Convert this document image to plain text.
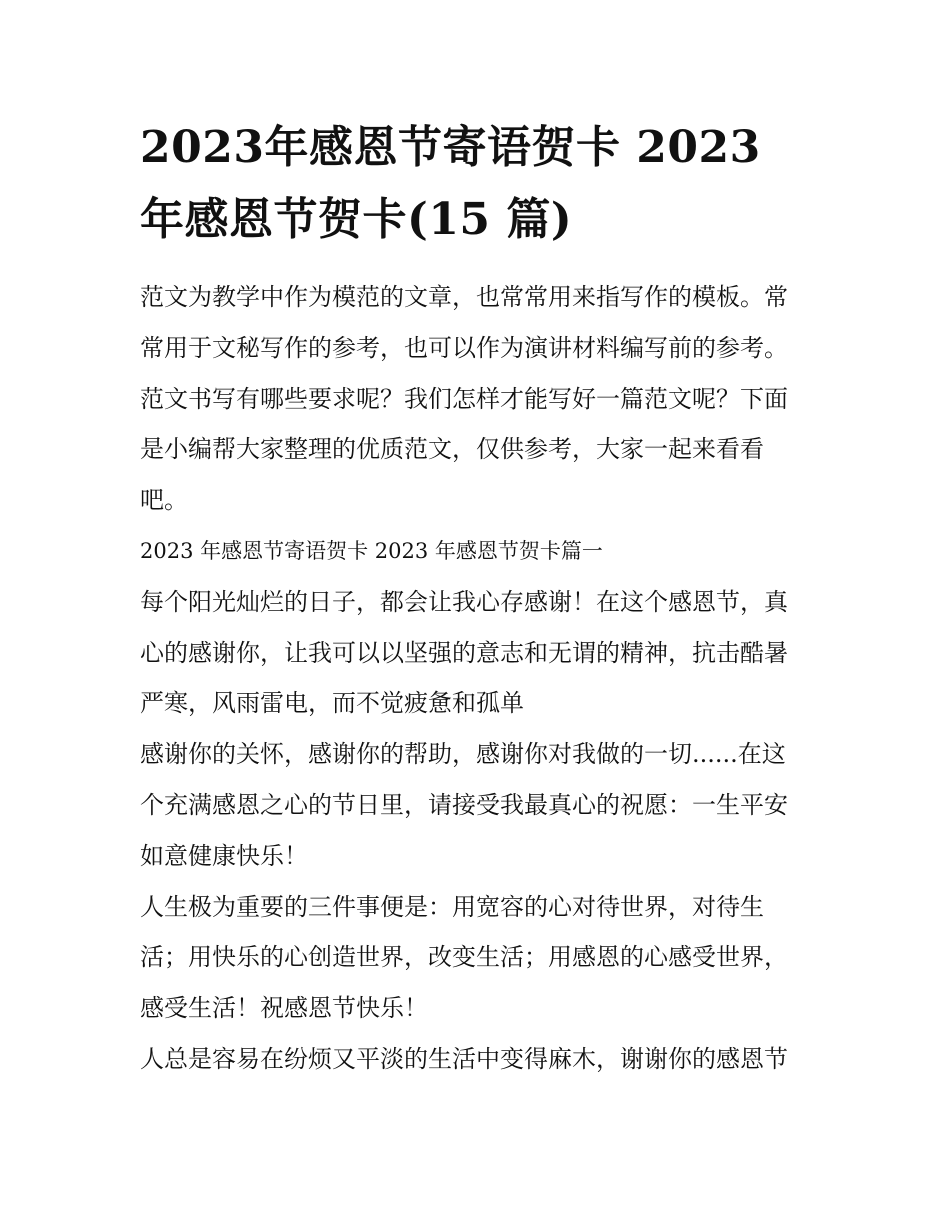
2023年感恩节寄语贺卡 2023
年感恩节贺卡(15 篇)

范文为教学中作为模范的文章，也常常用来指写作的模板。常
常用于文秘写作的参考，也可以作为演讲材料编写前的参考。
范文书写有哪些要求呢？我们怎样才能写好一篇范文呢？下面
是小编帮大家整理的优质范文，仅供参考，大家一起来看看
吧。

2023 年感恩节寄语贺卡 2023 年感恩节贺卡篇一

每个阳光灿烂的日子，都会让我心存感谢！在这个感恩节，真
心的感谢你，让我可以以坚强的意志和无谓的精神，抗击酷暑
严寒，风雨雷电，而不觉疲惫和孤单

感谢你的关怀，感谢你的帮助，感谢你对我做的一切......在这
个充满感恩之心的节日里，请接受我最真心的祝愿：一生平安
如意健康快乐！

人生极为重要的三件事便是：用宽容的心对待世界，对待生
活；用快乐的心创造世界，改变生活；用感恩的心感受世界，
感受生活！祝感恩节快乐！

人总是容易在纷烦又平淡的生活中变得麻木，谢谢你的感恩节
